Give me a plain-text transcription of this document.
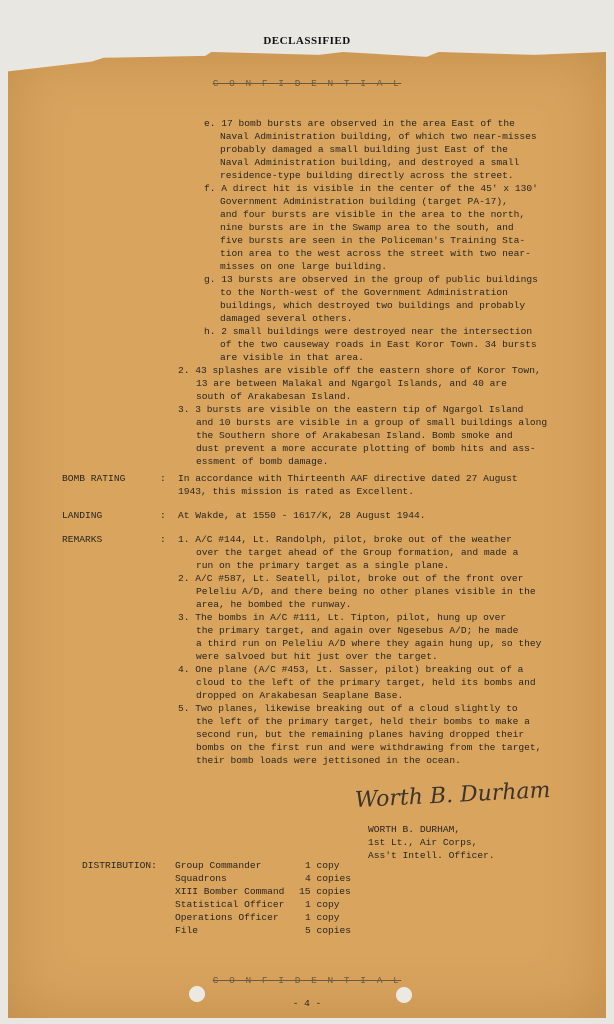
DECLASSIFIED
C O N F I D E N T I A L
e. 17 bomb bursts are observed in the area East of the
Naval Administration building, of which two near-misses
probably damaged a small building just East of the
Naval Administration building, and destroyed a small
residence-type building directly across the street.
f. A direct hit is visible in the center of the 45' x 130'
Government Administration building (target PA-17),
and four bursts are visible in the area to the north,
nine bursts are in the Swamp area to the south, and
five bursts are seen in the Policeman's Training Sta-
tion area to the west across the street with two near-
misses on one large building.
g. 13 bursts are observed in the group of public buildings
to the North-west of the Government Administration
buildings, which destroyed two buildings and probably
damaged several others.
h. 2 small buildings were destroyed near the intersection
of the two causeway roads in East Koror Town. 34 bursts
are visible in that area.
2. 43 splashes are visible off the eastern shore of Koror Town,
13 are between Malakal and Ngargol Islands, and 40 are
south of Arakabesan Island.
3. 3 bursts are visible on the eastern tip of Ngargol Island
and 10 bursts are visible in a group of small buildings along
the Southern shore of Arakabesan Island. Bomb smoke and
dust prevent a more accurate plotting of bomb hits and ass-
essment of bomb damage.
BOMB RATING	: In accordance with Thirteenth AAF directive dated 27 August
1943, this mission is rated as Excellent.
LANDING	: At Wakde, at 1550 - 1617/K, 28 August 1944.
REMARKS	: 1. A/C #144, Lt. Randolph, pilot, broke out of the weather
over the target ahead of the Group formation, and made a
run on the primary target as a single plane.
2. A/C #587, Lt. Seatell, pilot, broke out of the front over
Peleliu A/D, and there being no other planes visible in the
area, he bombed the runway.
3. The bombs in A/C #111, Lt. Tipton, pilot, hung up over
the primary target, and again over Ngesebus A/D; he made
a third run on Peleliu A/D where they again hung up, so they
were salvoed but hit just over the target.
4. One plane (A/C #453, Lt. Sasser, pilot) breaking out of a
cloud to the left of the primary target, held its bombs and
dropped on Arakabesan Seaplane Base.
5. Two planes, likewise breaking out of a cloud slightly to
the left of the primary target, held their bombs to make a
second run, but the remaining planes having dropped their
bombs on the first run and were withdrawing from the target,
their bomb loads were jettisoned in the ocean.
Worth B. Durham
WORTH B. DURHAM,
1st Lt., Air Corps,
Ass't Intell. Officer.
DISTRIBUTION: Group Commander	1 copy
Squadrons	4 copies
XIII Bomber Command 15 copies
Statistical Officer 1 copy
Operations Officer	1 copy
File	5 copies
C O N F I D E N T I A L
- 4 -
